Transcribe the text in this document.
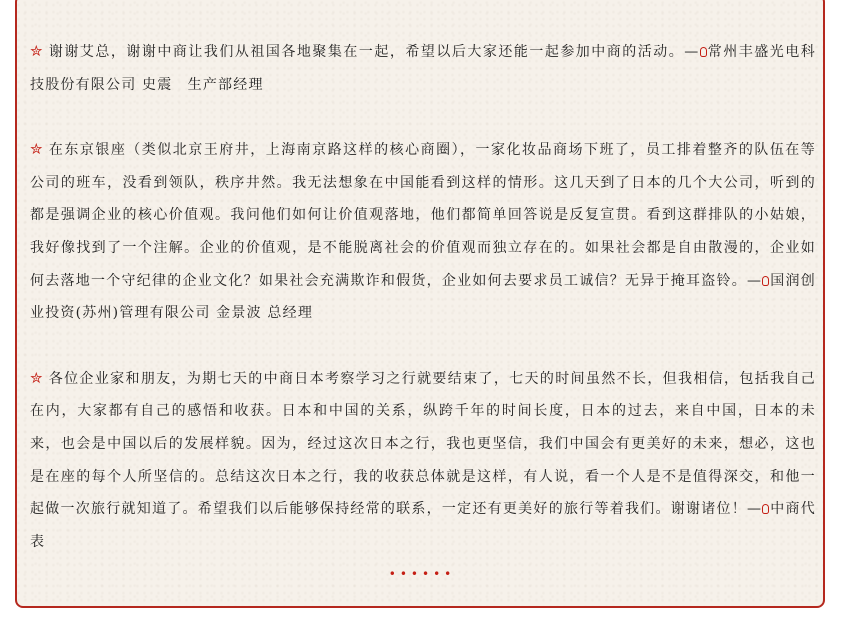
✮ 谢谢艾总，谢谢中商让我们从祖国各地聚集在一起，希望以后大家还能一起参加中商的活动。— 常州丰盛光电科技股份有限公司 史震　生产部经理

✮ 在东京银座（类似北京王府井，上海南京路这样的核心商圈），一家化妆品商场下班了，员工排着整齐的队伍在等公司的班车，没看到领队，秩序井然。我无法想象在中国能看到这样的情形。这几天到了日本的几个大公司，听到的都是强调企业的核心价值观。我问他们如何让价值观落地，他们都简单回答说是反复宣贯。看到这群排队的小姑娘，我好像找到了一个注解。企业的价值观，是不能脱离社会的价值观而独立存在的。如果社会都是自由散漫的，企业如何去落地一个守纪律的企业文化？如果社会充满欺诈和假货，企业如何去要求员工诚信？无异于掩耳盗铃。— 国润创业投资(苏州)管理有限公司 金景波 总经理

✮ 各位企业家和朋友，为期七天的中商日本考察学习之行就要结束了，七天的时间虽然不长，但我相信，包括我自己在内，大家都有自己的感悟和收获。日本和中国的关系，纵跨千年的时间长度，日本的过去，来自中国，日本的未来，也会是中国以后的发展样貌。因为，经过这次日本之行，我也更坚信，我们中国会有更美好的未来，想必，这也是在座的每个人所坚信的。总结这次日本之行，我的收获总体就是这样，有人说，看一个人是不是值得深交，和他一起做一次旅行就知道了。希望我们以后能够保持经常的联系，一定还有更美好的旅行等着我们。谢谢诸位！— 中商代表

••••••
